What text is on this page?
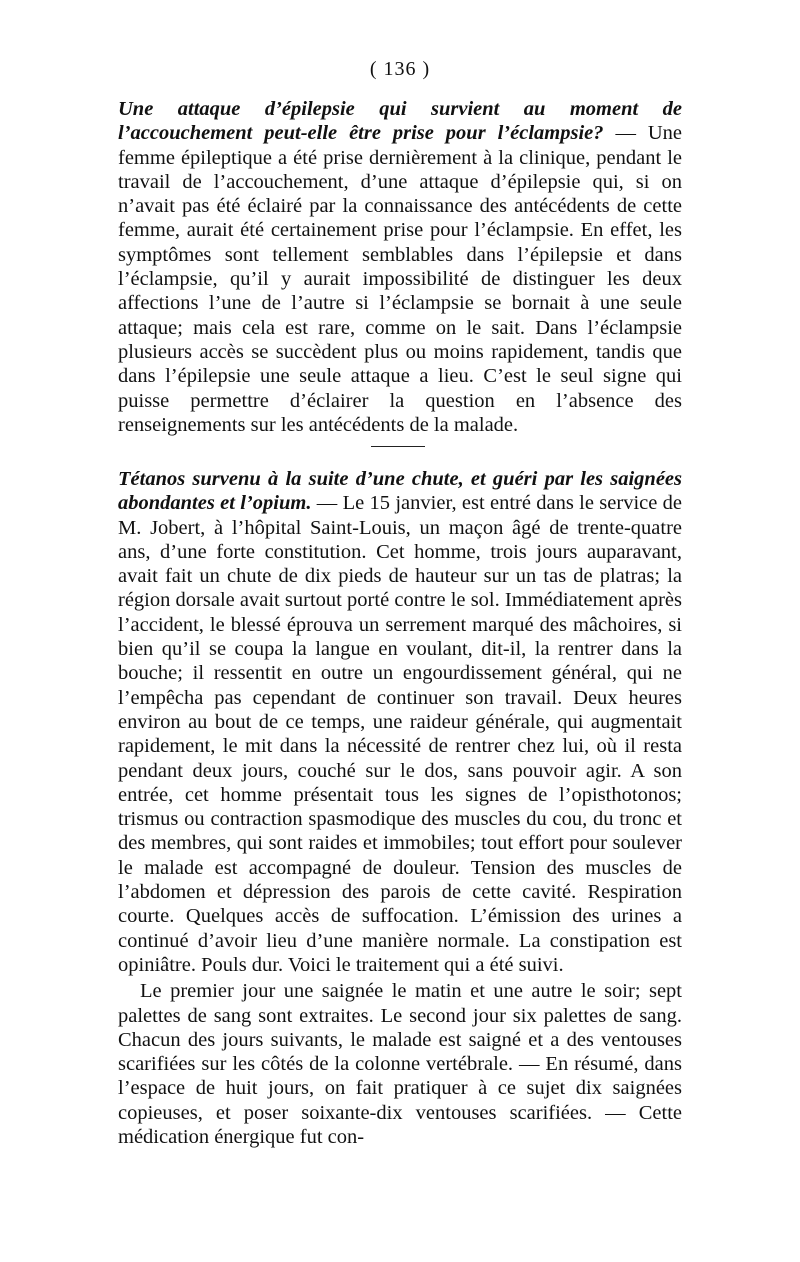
( 136 )

Une attaque d’épilepsie qui survient au moment de l’accouchement peut-elle être prise pour l’éclampsie? — Une femme épileptique a été prise dernièrement à la clinique, pendant le travail de l’accouchement, d’une attaque d’épilepsie qui, si on n’avait pas été éclairé par la connaissance des antécédents de cette femme, aurait été certainement prise pour l’éclampsie. En effet, les symptômes sont tellement semblables dans l’épilepsie et dans l’éclampsie, qu’il y aurait impossibilité de distinguer les deux affections l’une de l’autre si l’éclampsie se bornait à une seule attaque; mais cela est rare, comme on le sait. Dans l’éclampsie plusieurs accès se succèdent plus ou moins rapidement, tandis que dans l’épilepsie une seule attaque a lieu. C’est le seul signe qui puisse permettre d’éclairer la question en l’absence des renseignements sur les antécédents de la malade.

Tétanos survenu à la suite d’une chute, et guéri par les saignées abondantes et l’opium. — Le 15 janvier, est entré dans le service de M. Jobert, à l’hôpital Saint-Louis, un maçon âgé de trente-quatre ans, d’une forte constitution. Cet homme, trois jours auparavant, avait fait un chute de dix pieds de hauteur sur un tas de platras; la région dorsale avait surtout porté contre le sol. Immédiatement après l’accident, le blessé éprouva un serrement marqué des mâchoires, si bien qu’il se coupa la langue en voulant, dit-il, la rentrer dans la bouche; il ressentit en outre un engourdissement général, qui ne l’empêcha pas cependant de continuer son travail. Deux heures environ au bout de ce temps, une raideur générale, qui augmentait rapidement, le mit dans la nécessité de rentrer chez lui, où il resta pendant deux jours, couché sur le dos, sans pouvoir agir. A son entrée, cet homme présentait tous les signes de l’opisthotonos; trismus ou contraction spasmodique des muscles du cou, du tronc et des membres, qui sont raides et immobiles; tout effort pour soulever le malade est accompagné de douleur. Tension des muscles de l’abdomen et dépression des parois de cette cavité. Respiration courte. Quelques accès de suffocation. L’émission des urines a continué d’avoir lieu d’une manière normale. La constipation est opiniâtre. Pouls dur. Voici le traitement qui a été suivi.

Le premier jour une saignée le matin et une autre le soir; sept palettes de sang sont extraites. Le second jour six palettes de sang. Chacun des jours suivants, le malade est saigné et a des ventouses scarifiées sur les côtés de la colonne vertébrale. — En résumé, dans l’espace de huit jours, on fait pratiquer à ce sujet dix saignées copieuses, et poser soixante-dix ventouses scarifiées. — Cette médication énergique fut con-
